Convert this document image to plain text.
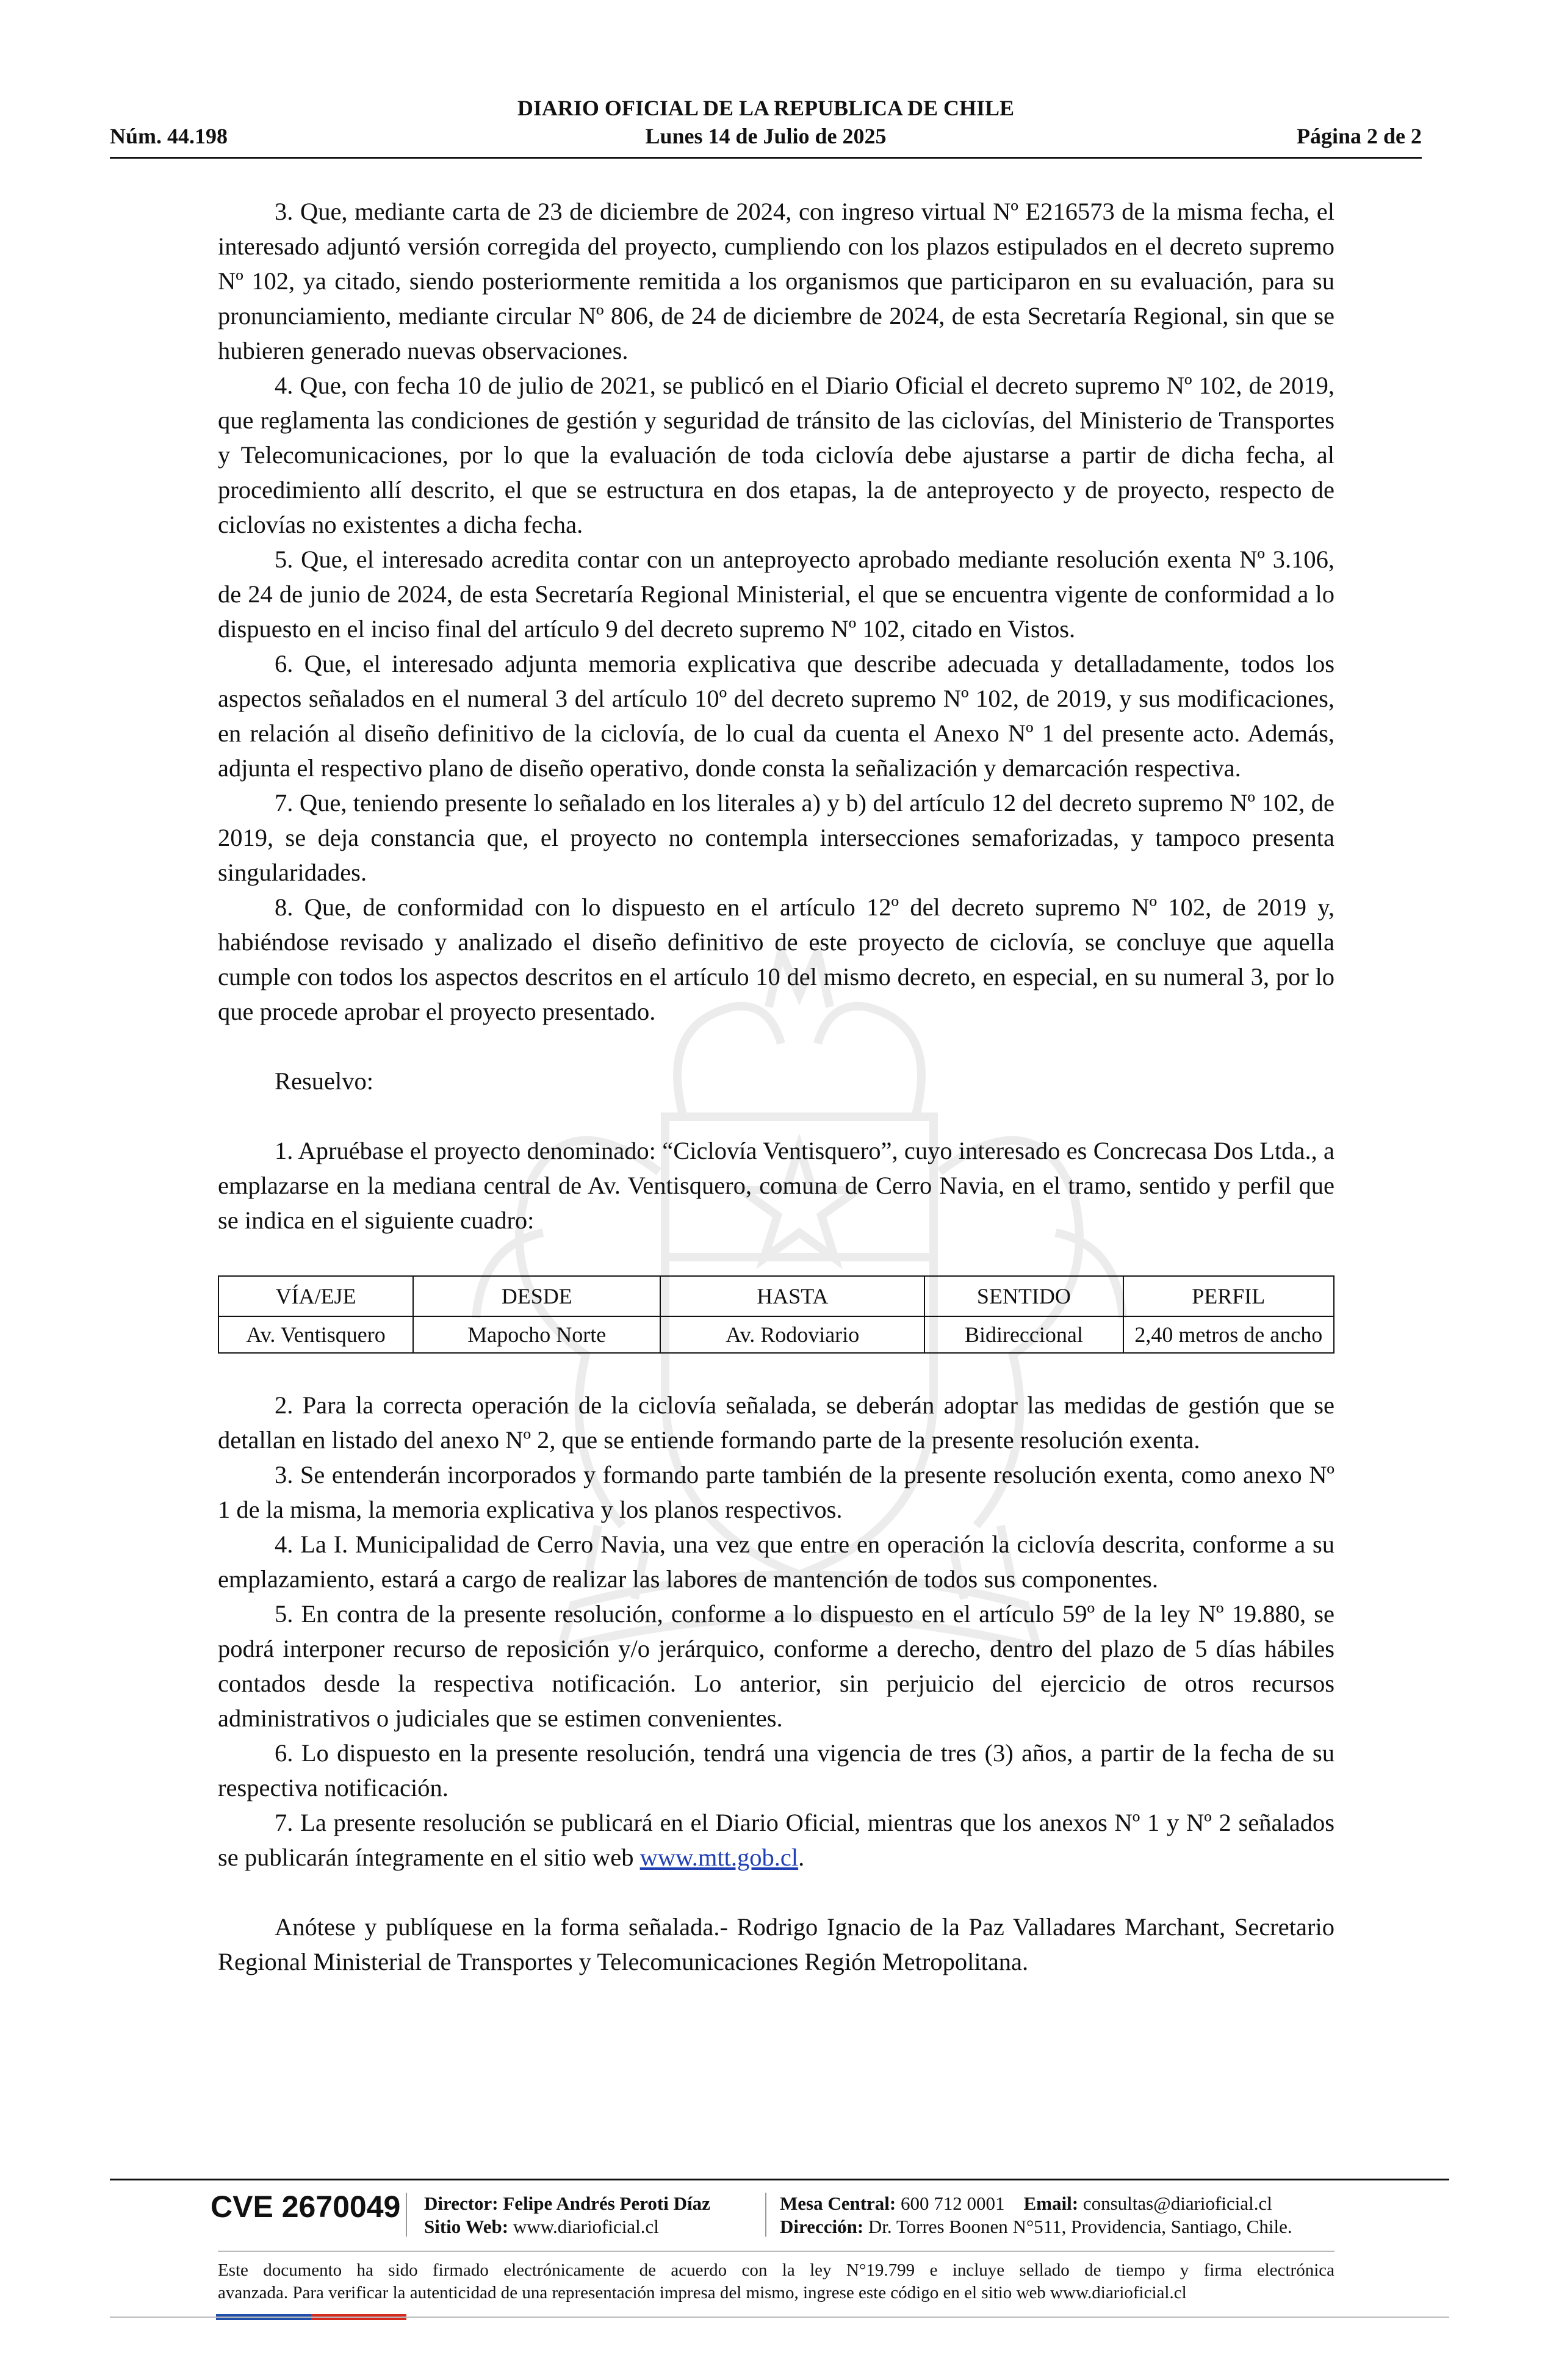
DIARIO OFICIAL DE LA REPUBLICA DE CHILE
Núm. 44.198	Lunes 14 de Julio de 2025	Página 2 de 2

3. Que, mediante carta de 23 de diciembre de 2024, con ingreso virtual Nº E216573 de la misma fecha, el interesado adjuntó versión corregida del proyecto, cumpliendo con los plazos estipulados en el decreto supremo Nº 102, ya citado, siendo posteriormente remitida a los organismos que participaron en su evaluación, para su pronunciamiento, mediante circular Nº 806, de 24 de diciembre de 2024, de esta Secretaría Regional, sin que se hubieren generado nuevas observaciones.

4. Que, con fecha 10 de julio de 2021, se publicó en el Diario Oficial el decreto supremo Nº 102, de 2019, que reglamenta las condiciones de gestión y seguridad de tránsito de las ciclovías, del Ministerio de Transportes y Telecomunicaciones, por lo que la evaluación de toda ciclovía debe ajustarse a partir de dicha fecha, al procedimiento allí descrito, el que se estructura en dos etapas, la de anteproyecto y de proyecto, respecto de ciclovías no existentes a dicha fecha.

5. Que, el interesado acredita contar con un anteproyecto aprobado mediante resolución exenta Nº 3.106, de 24 de junio de 2024, de esta Secretaría Regional Ministerial, el que se encuentra vigente de conformidad a lo dispuesto en el inciso final del artículo 9 del decreto supremo Nº 102, citado en Vistos.

6. Que, el interesado adjunta memoria explicativa que describe adecuada y detalladamente, todos los aspectos señalados en el numeral 3 del artículo 10º del decreto supremo Nº 102, de 2019, y sus modificaciones, en relación al diseño definitivo de la ciclovía, de lo cual da cuenta el Anexo Nº 1 del presente acto. Además, adjunta el respectivo plano de diseño operativo, donde consta la señalización y demarcación respectiva.

7. Que, teniendo presente lo señalado en los literales a) y b) del artículo 12 del decreto supremo Nº 102, de 2019, se deja constancia que, el proyecto no contempla intersecciones semaforizadas, y tampoco presenta singularidades.

8. Que, de conformidad con lo dispuesto en el artículo 12º del decreto supremo Nº 102, de 2019 y, habiéndose revisado y analizado el diseño definitivo de este proyecto de ciclovía, se concluye que aquella cumple con todos los aspectos descritos en el artículo 10 del mismo decreto, en especial, en su numeral 3, por lo que procede aprobar el proyecto presentado.

Resuelvo:

1. Apruébase el proyecto denominado: “Ciclovía Ventisquero”, cuyo interesado es Concrecasa Dos Ltda., a emplazarse en la mediana central de Av. Ventisquero, comuna de Cerro Navia, en el tramo, sentido y perfil que se indica en el siguiente cuadro:

VÍA/EJE	DESDE	HASTA	SENTIDO	PERFIL
Av. Ventisquero	Mapocho Norte	Av. Rodoviario	Bidireccional	2,40 metros de ancho

2. Para la correcta operación de la ciclovía señalada, se deberán adoptar las medidas de gestión que se detallan en listado del anexo Nº 2, que se entiende formando parte de la presente resolución exenta.

3. Se entenderán incorporados y formando parte también de la presente resolución exenta, como anexo Nº 1 de la misma, la memoria explicativa y los planos respectivos.

4. La I. Municipalidad de Cerro Navia, una vez que entre en operación la ciclovía descrita, conforme a su emplazamiento, estará a cargo de realizar las labores de mantención de todos sus componentes.

5. En contra de la presente resolución, conforme a lo dispuesto en el artículo 59º de la ley Nº 19.880, se podrá interponer recurso de reposición y/o jerárquico, conforme a derecho, dentro del plazo de 5 días hábiles contados desde la respectiva notificación. Lo anterior, sin perjuicio del ejercicio de otros recursos administrativos o judiciales que se estimen convenientes.

6. Lo dispuesto en la presente resolución, tendrá una vigencia de tres (3) años, a partir de la fecha de su respectiva notificación.

7. La presente resolución se publicará en el Diario Oficial, mientras que los anexos Nº 1 y Nº 2 señalados se publicarán íntegramente en el sitio web www.mtt.gob.cl.

Anótese y publíquese en la forma señalada.- Rodrigo Ignacio de la Paz Valladares Marchant, Secretario Regional Ministerial de Transportes y Telecomunicaciones Región Metropolitana.

CVE 2670049 Director: Felipe Andrés Peroti Díaz
Sitio Web: www.diarioficial.cl
Mesa Central: 600 712 0001 Email: consultas@diarioficial.cl
Dirección: Dr. Torres Boonen N°511, Providencia, Santiago, Chile.
Este documento ha sido firmado electrónicamente de acuerdo con la ley N°19.799 e incluye sellado de tiempo y firma electrónica
avanzada. Para verificar la autenticidad de una representación impresa del mismo, ingrese este código en el sitio web www.diarioficial.cl
